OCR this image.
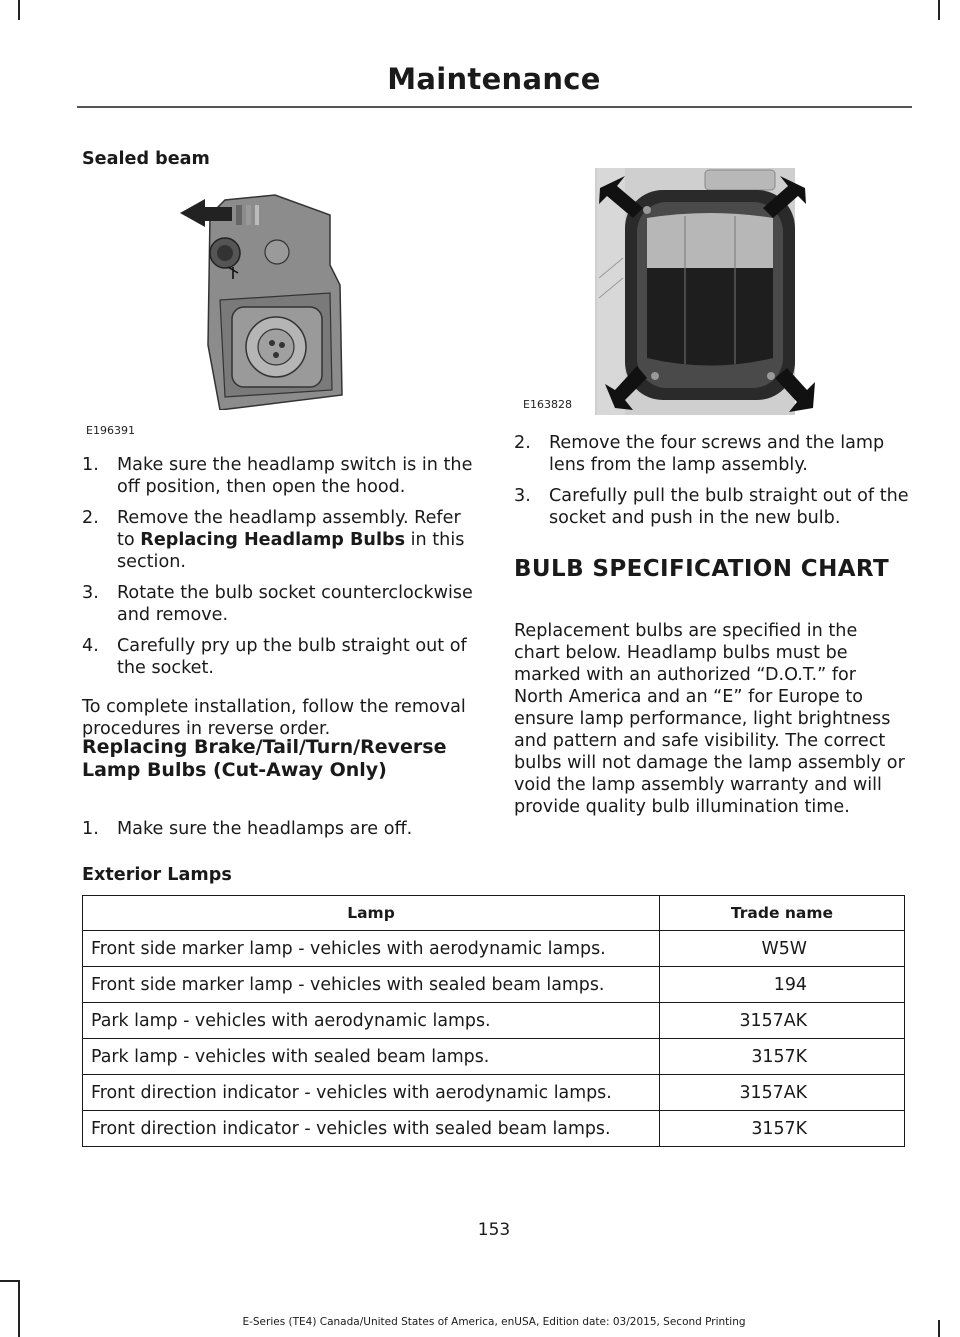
Maintenance
Sealed beam
E196391
1. Make sure the headlamp switch is in the off position, then open the hood.
2. Remove the headlamp assembly. Refer to Replacing Headlamp Bulbs in this section.
3. Rotate the bulb socket counterclockwise and remove.
4. Carefully pry up the bulb straight out of the socket.

To complete installation, follow the removal procedures in reverse order.

Replacing Brake/Tail/Turn/Reverse Lamp Bulbs (Cut-Away Only)

1. Make sure the headlamps are off.
E163828
2. Remove the four screws and the lamp lens from the lamp assembly.
3. Carefully pull the bulb straight out of the socket and push in the new bulb.

BULB SPECIFICATION CHART

Replacement bulbs are specified in the chart below. Headlamp bulbs must be marked with an authorized “D.O.T.” for North America and an “E” for Europe to ensure lamp performance, light brightness and pattern and safe visibility. The correct bulbs will not damage the lamp assembly or void the lamp assembly warranty and will provide quality bulb illumination time.

Exterior Lamps
Lamp	Trade name
Front side marker lamp - vehicles with aerodynamic lamps.	W5W
Front side marker lamp - vehicles with sealed beam lamps.	194
Park lamp - vehicles with aerodynamic lamps.	3157AK
Park lamp - vehicles with sealed beam lamps.	3157K
Front direction indicator - vehicles with aerodynamic lamps.	3157AK
Front direction indicator - vehicles with sealed beam lamps.	3157K
153
E-Series (TE4) Canada/United States of America, enUSA, Edition date: 03/2015, Second Printing
